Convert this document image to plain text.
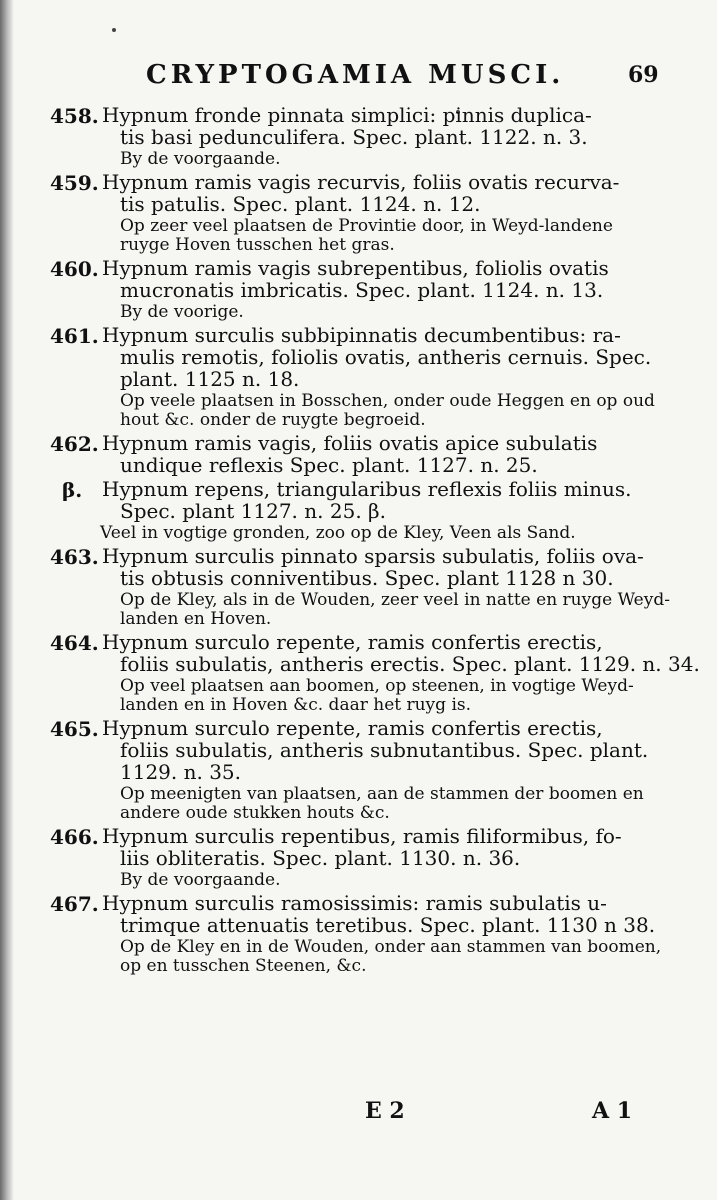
CRYPTOGAMIA MUSCI.	69
458. Hypnum fronde pinnata simplici: pinnis duplica-
tis basi pedunculifera. Spec. plant. 1122. n. 3.
By de voorgaande.
459. Hypnum ramis vagis recurvis, foliis ovatis recurva-
tis patulis. Spec. plant. 1124. n. 12.
Op zeer veel plaatsen de Provintie door, in Weyd-landene
ruyge Hoven tusschen het gras.
460. Hypnum ramis vagis subrepentibus, foliolis ovatis
mucronatis imbricatis. Spec. plant. 1124. n. 13.
By de voorige.
461. Hypnum surculis subbipinnatis decumbentibus: ra-
mulis remotis, foliolis ovatis, antheris cernuis. Spec.
plant. 1125 n. 18.
Op veele plaatsen in Bosschen, onder oude Heggen en op oud
hout &c. onder de ruygte begroeid.
462. Hypnum ramis vagis, foliis ovatis apice subulatis
undique reflexis Spec. plant. 1127. n. 25.
β. Hypnum repens, triangularibus reflexis foliis minus.
Spec. plant 1127. n. 25. β.
Veel in vogtige gronden, zoo op de Kley, Veen als Sand.
463. Hypnum surculis pinnato sparsis subulatis, foliis ova-
tis obtusis conniventibus. Spec. plant 1128 n 30.
Op de Kley, als in de Wouden, zeer veel in natte en ruyge Weyd-
landen en Hoven.
464. Hypnum surculo repente, ramis confertis erectis,
foliis subulatis, antheris erectis. Spec. plant. 1129. n. 34.
Op veel plaatsen aan boomen, op steenen, in vogtige Weyd-
landen en in Hoven &c. daar het ruyg is.
465. Hypnum surculo repente, ramis confertis erectis,
foliis subulatis, antheris subnutantibus. Spec. plant.
1129. n. 35.
Op meenigten van plaatsen, aan de stammen der boomen en
andere oude stukken houts &c.
466. Hypnum surculis repentibus, ramis filiformibus, fo-
liis obliteratis. Spec. plant. 1130. n. 36.
By de voorgaande.
467. Hypnum surculis ramosissimis: ramis subulatis u-
trimque attenuatis teretibus. Spec. plant. 1130 n 38.
Op de Kley en in de Wouden, onder aan stammen van boomen,
op en tusschen Steenen, &c.
E 2	A 1
